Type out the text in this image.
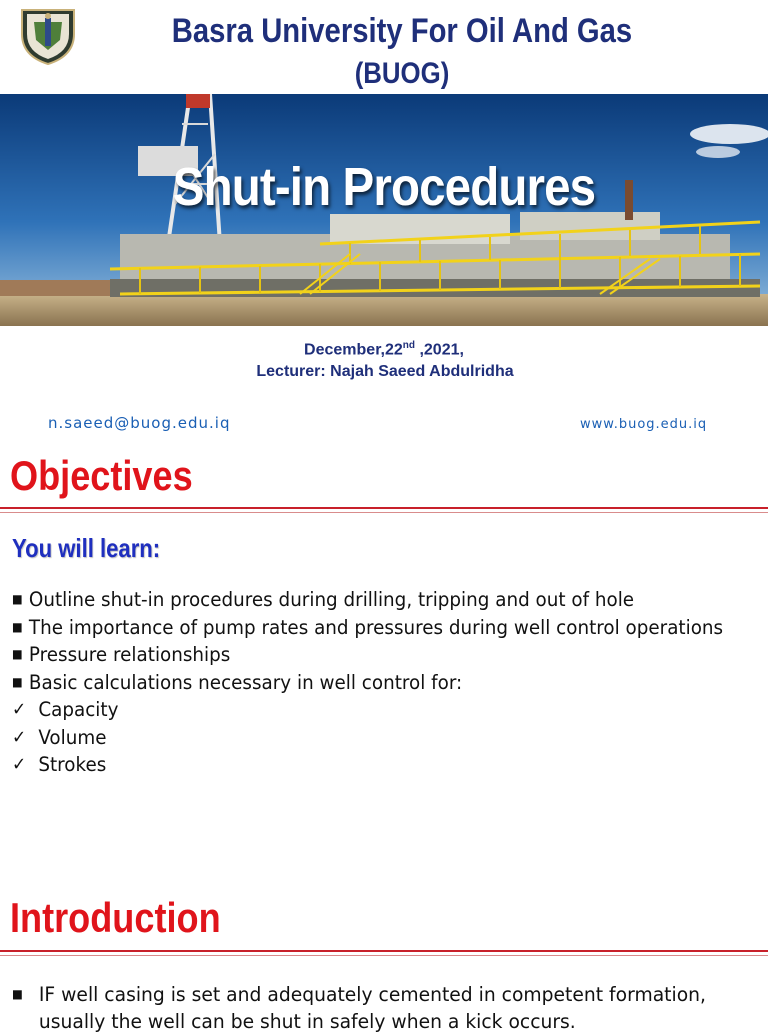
Basra University For Oil And Gas
(BUOG)
Shut-in Procedures
December,22nd ,2021,
Lecturer: Najah Saeed Abdulridha
n.saeed@buog.edu.iq	www.buog.edu.iq
Objectives
You will learn:
■ Outline shut-in procedures during drilling, tripping and out of hole
■ The importance of pump rates and pressures during well control operations
■ Pressure relationships
■ Basic calculations necessary in well control for:
✓ Capacity
✓ Volume
✓ Strokes
Introduction
■ IF well casing is set and adequately cemented in competent formation, usually the well can be shut in safely when a kick occurs.
